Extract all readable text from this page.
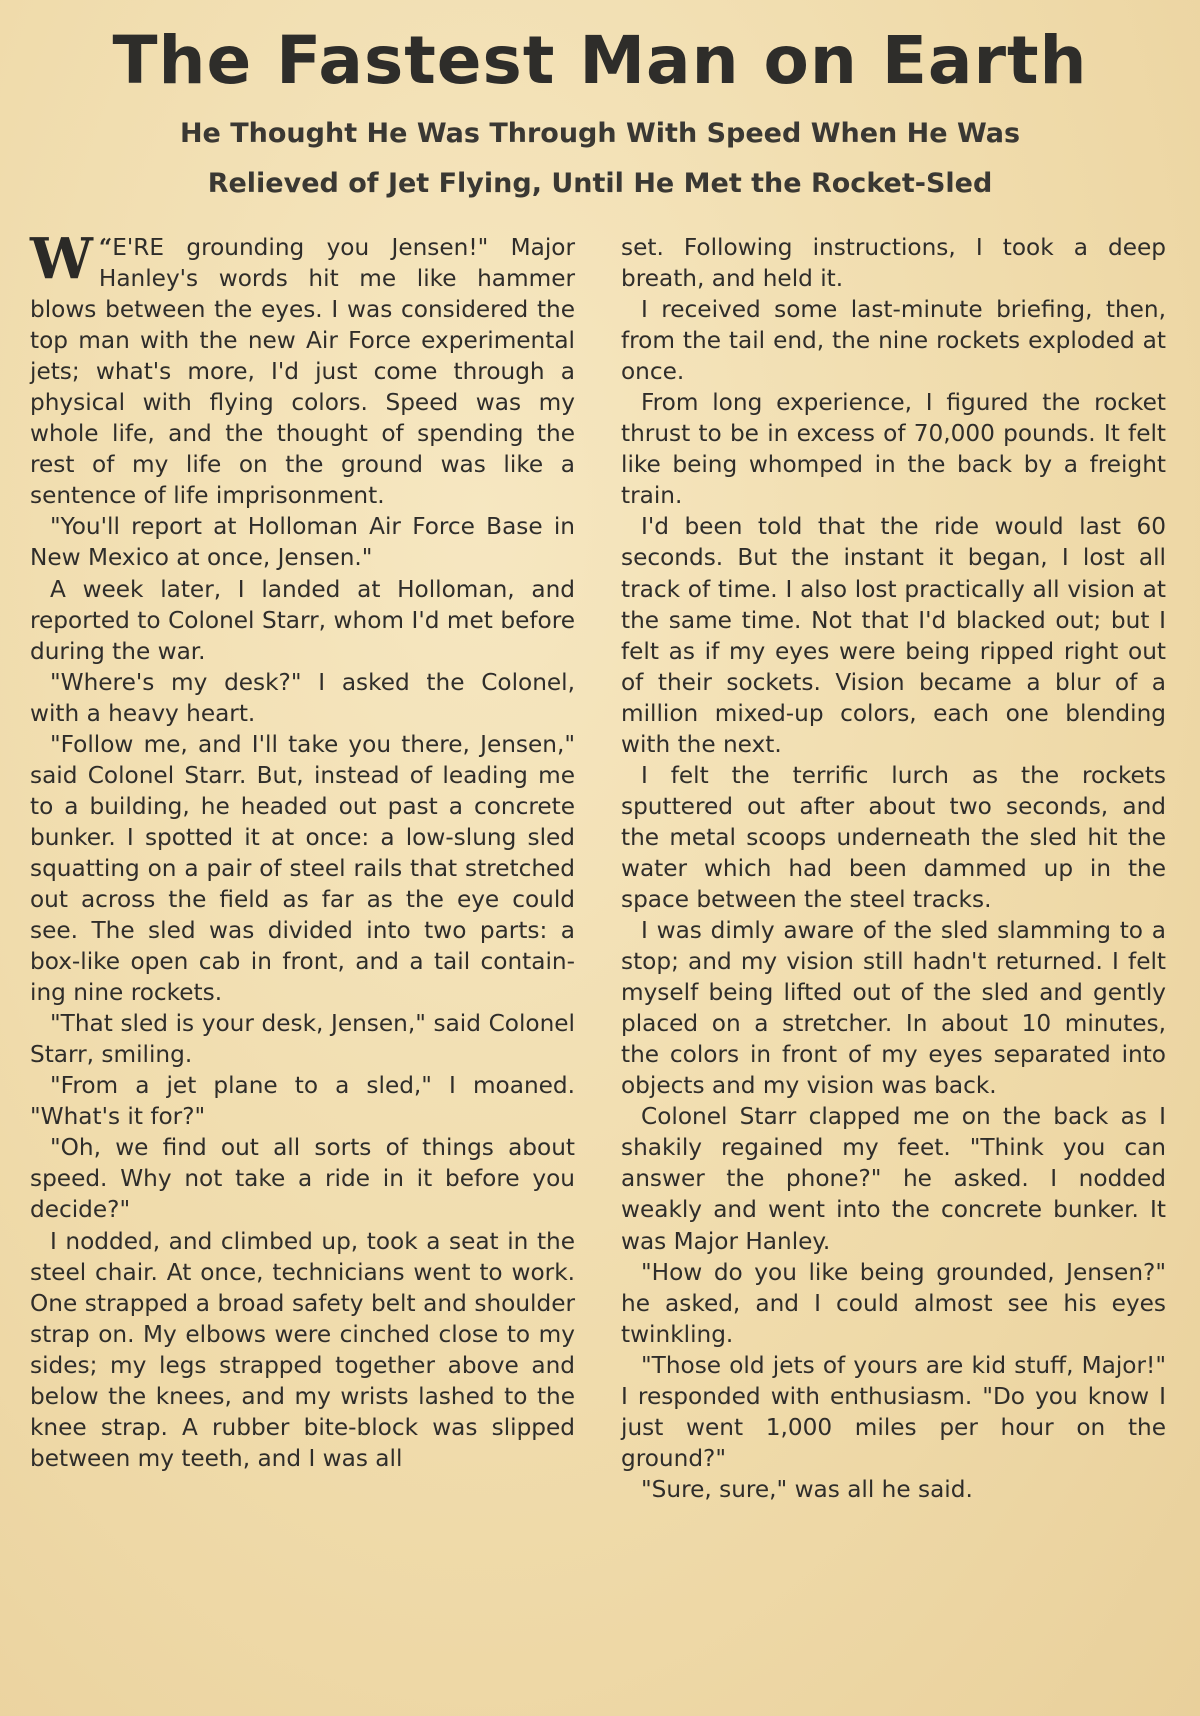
The Fastest Man on Earth

He Thought He Was Through With Speed When He Was

Relieved of Jet Flying, Until He Met the Rocket-Sled

“
W E'RE grounding you Jensen!" Major Hanley's words hit me like hammer blows between the eyes. I was considered the top man with the new Air Force experimental jets; what's more, I'd just come through a physical with flying colors. Speed was my whole life, and the thought of spending the rest of my life on the ground was like a sentence of life imprisonment.

"You'll report at Holloman Air Force Base in New Mexico at once, Jensen."

A week later, I landed at Holloman, and reported to Colonel Starr, whom I'd met before during the war.

"Where's my desk?" I asked the Colonel, with a heavy heart.

"Follow me, and I'll take you there, Jensen," said Colonel Starr. But, instead of leading me to a building, he headed out past a concrete bunker. I spotted it at once: a low-slung sled squatting on a pair of steel rails that stretched out across the field as far as the eye could see. The sled was divided into two parts: a box-like open cab in front, and a tail containing nine rockets.

"That sled is your desk, Jensen," said Colonel Starr, smiling.

"From a jet plane to a sled," I moaned. "What's it for?"

"Oh, we find out all sorts of things about speed. Why not take a ride in it before you decide?"

I nodded, and climbed up, took a seat in the steel chair. At once, technicians went to work. One strapped a broad safety belt and shoulder strap on. My elbows were cinched close to my sides; my legs strapped together above and below the knees, and my wrists lashed to the knee strap. A rubber bite-block was slipped between my teeth, and I was all

set. Following instructions, I took a deep breath, and held it.

I received some last-minute briefing, then, from the tail end, the nine rockets exploded at once.

From long experience, I figured the rocket thrust to be in excess of 70,000 pounds. It felt like being whomped in the back by a freight train.

I'd been told that the ride would last 60 seconds. But the instant it began, I lost all track of time. I also lost practically all vision at the same time. Not that I'd blacked out; but I felt as if my eyes were being ripped right out of their sockets. Vision became a blur of a million mixed-up colors, each one blending with the next.

I felt the terrific lurch as the rockets sputtered out after about two seconds, and the metal scoops underneath the sled hit the water which had been dammed up in the space between the steel tracks.

I was dimly aware of the sled slamming to a stop; and my vision still hadn't returned. I felt myself being lifted out of the sled and gently placed on a stretcher. In about 10 minutes, the colors in front of my eyes separated into objects and my vision was back.

Colonel Starr clapped me on the back as I shakily regained my feet. "Think you can answer the phone?" he asked. I nodded weakly and went into the concrete bunker. It was Major Hanley.

"How do you like being grounded, Jensen?" he asked, and I could almost see his eyes twinkling.

"Those old jets of yours are kid stuff, Major!" I responded with enthusiasm. "Do you know I just went 1,000 miles per hour on the ground?"

"Sure, sure," was all he said.
